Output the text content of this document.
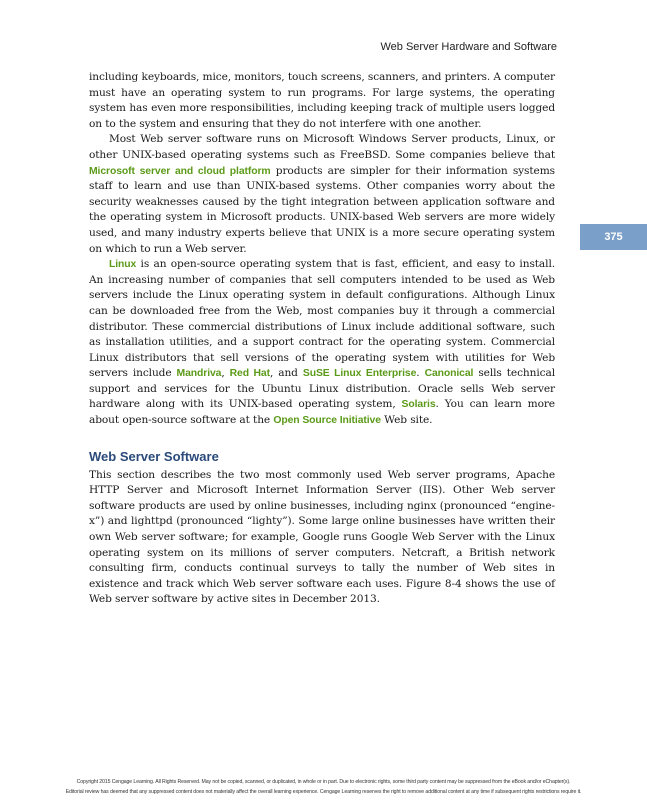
Web Server Hardware and Software
375

including keyboards, mice, monitors, touch screens, scanners, and printers. A computer must have an operating system to run programs. For large systems, the operating system has even more responsibilities, including keeping track of multiple users logged on to the system and ensuring that they do not interfere with one another.

Most Web server software runs on Microsoft Windows Server products, Linux, or other UNIX-based operating systems such as FreeBSD. Some companies believe that Microsoft server and cloud platform products are simpler for their information systems staff to learn and use than UNIX-based systems. Other companies worry about the security weaknesses caused by the tight integration between application software and the operating system in Microsoft products. UNIX-based Web servers are more widely used, and many industry experts believe that UNIX is a more secure operating system on which to run a Web server.

Linux is an open-source operating system that is fast, efficient, and easy to install. An increasing number of companies that sell computers intended to be used as Web servers include the Linux operating system in default configurations. Although Linux can be downloaded free from the Web, most companies buy it through a commercial distributor. These commercial distributions of Linux include additional software, such as installation utilities, and a support contract for the operating system. Commercial Linux distributors that sell versions of the operating system with utilities for Web servers include Mandriva, Red Hat, and SuSE Linux Enterprise. Canonical sells technical support and services for the Ubuntu Linux distribution. Oracle sells Web server hardware along with its UNIX-based operating system, Solaris. You can learn more about open-source software at the Open Source Initiative Web site.

Web Server Software

This section describes the two most commonly used Web server programs, Apache HTTP Server and Microsoft Internet Information Server (IIS). Other Web server software products are used by online businesses, including nginx (pronounced “engine-x”) and lighttpd (pronounced “lighty”). Some large online businesses have written their own Web server software; for example, Google runs Google Web Server with the Linux operating system on its millions of server computers. Netcraft, a British network consulting firm, conducts continual surveys to tally the number of Web sites in existence and track which Web server software each uses. Figure 8-4 shows the use of Web server software by active sites in December 2013.

Copyright 2015 Cengage Learning. All Rights Reserved. May not be copied, scanned, or duplicated, in whole or in part. Due to electronic rights, some third party content may be suppressed from the eBook and/or eChapter(s).
Editorial review has deemed that any suppressed content does not materially affect the overall learning experience. Cengage Learning reserves the right to remove additional content at any time if subsequent rights restrictions require it.
